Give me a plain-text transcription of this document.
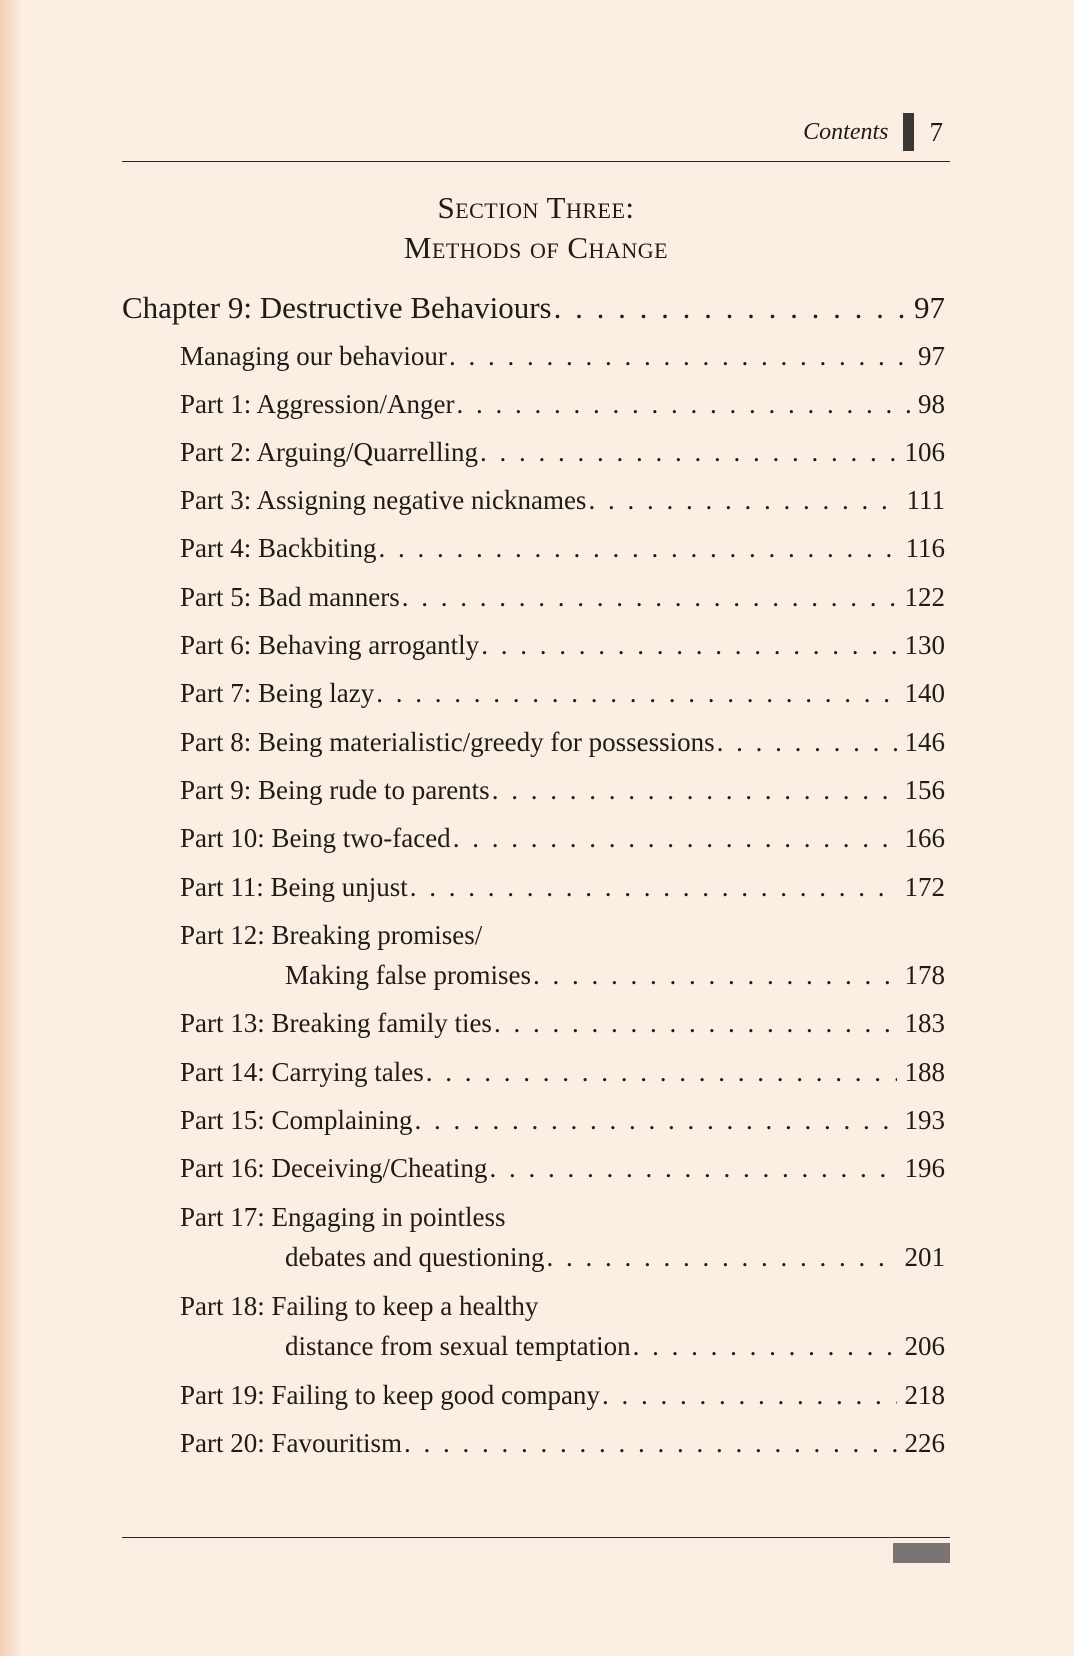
Contents 7
Section Three:
Methods of Change
Chapter 9: Destructive Behaviours . . .	97
Managing our behaviour . . .	97
Part 1: Aggression/Anger . . .	98
Part 2: Arguing/Quarrelling . . .	106
Part 3: Assigning negative nicknames . . .	111
Part 4: Backbiting . . .	116
Part 5: Bad manners . . .	122
Part 6: Behaving arrogantly . . .	130
Part 7: Being lazy . . .	140
Part 8: Being materialistic/greedy for possessions . . .	146
Part 9: Being rude to parents . . .	156
Part 10: Being two-faced . . .	166
Part 11: Being unjust . . .	172
Part 12: Breaking promises/
Making false promises . . .	178
Part 13: Breaking family ties . . .	183
Part 14: Carrying tales . . .	188
Part 15: Complaining . . .	193
Part 16: Deceiving/Cheating . . .	196
Part 17: Engaging in pointless
debates and questioning . . .	201
Part 18: Failing to keep a healthy
distance from sexual temptation . . .	206
Part 19: Failing to keep good company . . .	218
Part 20: Favouritism . . .	226
